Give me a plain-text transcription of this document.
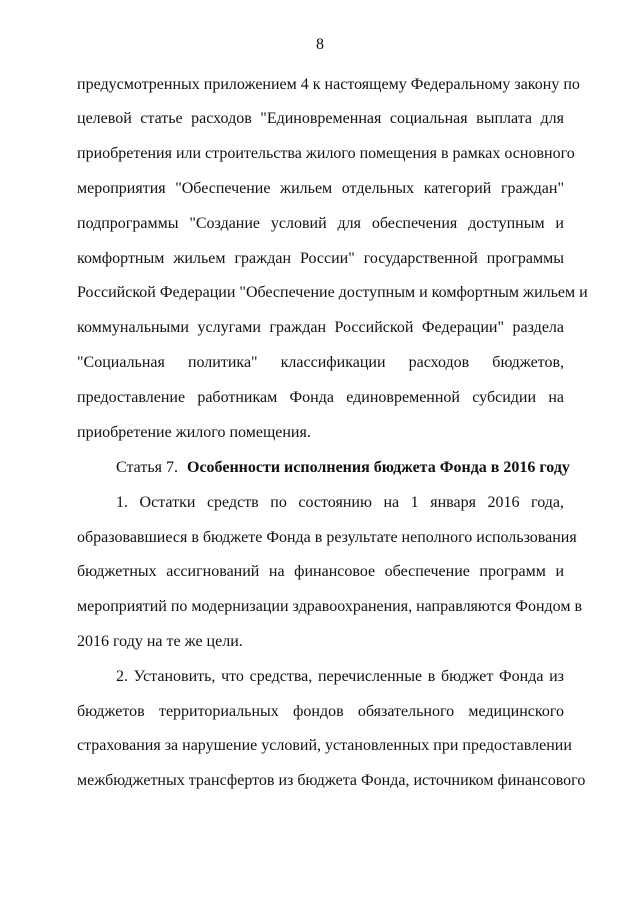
8
предусмотренных приложением 4 к настоящему Федеральному закону по
целевой статье расходов "Единовременная социальная выплата для
приобретения или строительства жилого помещения в рамках основного
мероприятия "Обеспечение жильем отдельных категорий граждан"
подпрограммы "Создание условий для обеспечения доступным и
комфортным жильем граждан России" государственной программы
Российской Федерации "Обеспечение доступным и комфортным жильем и
коммунальными услугами граждан Российской Федерации" раздела
"Социальная политика" классификации расходов бюджетов,
предоставление работникам Фонда единовременной субсидии на
приобретение жилого помещения.
Статья 7. Особенности исполнения бюджета Фонда в 2016 году
1. Остатки средств по состоянию на 1 января 2016 года,
образовавшиеся в бюджете Фонда в результате неполного использования
бюджетных ассигнований на финансовое обеспечение программ и
мероприятий по модернизации здравоохранения, направляются Фондом в
2016 году на те же цели.
2. Установить, что средства, перечисленные в бюджет Фонда из
бюджетов территориальных фондов обязательного медицинского
страхования за нарушение условий, установленных при предоставлении
межбюджетных трансфертов из бюджета Фонда, источником финансового
